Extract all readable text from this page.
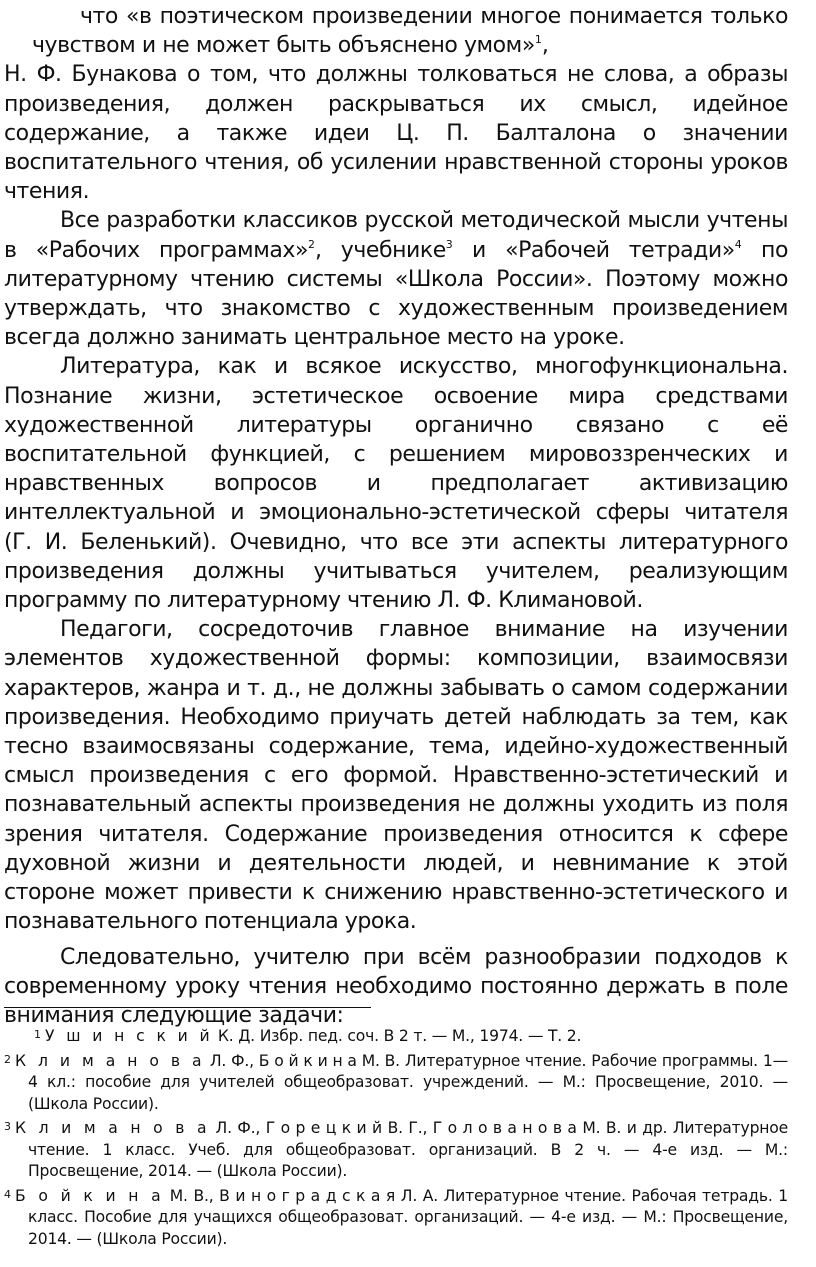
что «в поэтическом произведении многое понимается только чувством и не может быть объяснено умом»$^1$,

Н. Ф. Бунакова о том, что должны толковаться не слова, а образы произведения, должен раскрываться их смысл, идейное содержание, а также идеи Ц. П. Балталона о значении воспитательного чтения, об усилении нравственной стороны уроков чтения.

Все разработки классиков русской методической мысли учтены в «Рабочих программах»$^2$, учебнике$^3$ и «Рабочей тетради»$^4$ по литературному чтению системы «Школа России». Поэтому можно утверждать, что знакомство с художественным произведением всегда должно занимать центральное место на уроке.

Литература, как и всякое искусство, многофункциональна. Познание жизни, эстетическое освоение мира средствами художественной литературы органично связано с её воспитательной функцией, с решением мировоззренческих и нравственных вопросов и предполагает активизацию интеллектуальной и эмоционально-эстетической сферы читателя (Г. И. Беленький). Очевидно, что все эти аспекты литературного произведения должны учитываться учителем, реализующим программу по литературному чтению Л. Ф. Климановой.

Педагоги, сосредоточив главное внимание на изучении элементов художественной формы: композиции, взаимосвязи характеров, жанра и т. д., не должны забывать о самом содержании произведения. Необходимо приучать детей наблюдать за тем, как тесно взаимосвязаны содержание, тема, идейно-художественный смысл произведения с его формой. Нравственно-эстетический и познавательный аспекты произведения не должны уходить из поля зрения читателя. Содержание произведения относится к сфере духовной жизни и деятельности людей, и невнимание к этой стороне может привести к снижению нравственно-эстетического и познавательного потенциала урока.

Следовательно, учителю при всём разнообразии подходов к современному уроку чтения необходимо постоянно держать в поле внимания следующие задачи:

1 У ш и н с к и й К. Д. Избр. пед. соч. В 2 т. — М., 1974. — Т. 2.

2 К л и м а н о в а Л. Ф., Б о й к и н а М. В. Литературное чтение. Рабочие программы. 1—4 кл.: пособие для учителей общеобразоват. учреждений. — М.: Просвещение, 2010. — (Школа России).

3 К л и м а н о в а Л. Ф., Г о р е ц к и й В. Г., Г о л о в а н о в а М. В. и др. Литературное чтение. 1 класс. Учеб. для общеобразоват. организаций. В 2 ч. — 4-е изд. — М.: Просвещение, 2014. — (Школа России).

4 Б о й к и н а М. В., В и н о г р а д с к а я Л. А. Литературное чтение. Рабочая тетрадь. 1 класс. Пособие для учащихся общеобразоват. организаций. — 4-е изд. — М.: Просвещение, 2014. — (Школа России).
